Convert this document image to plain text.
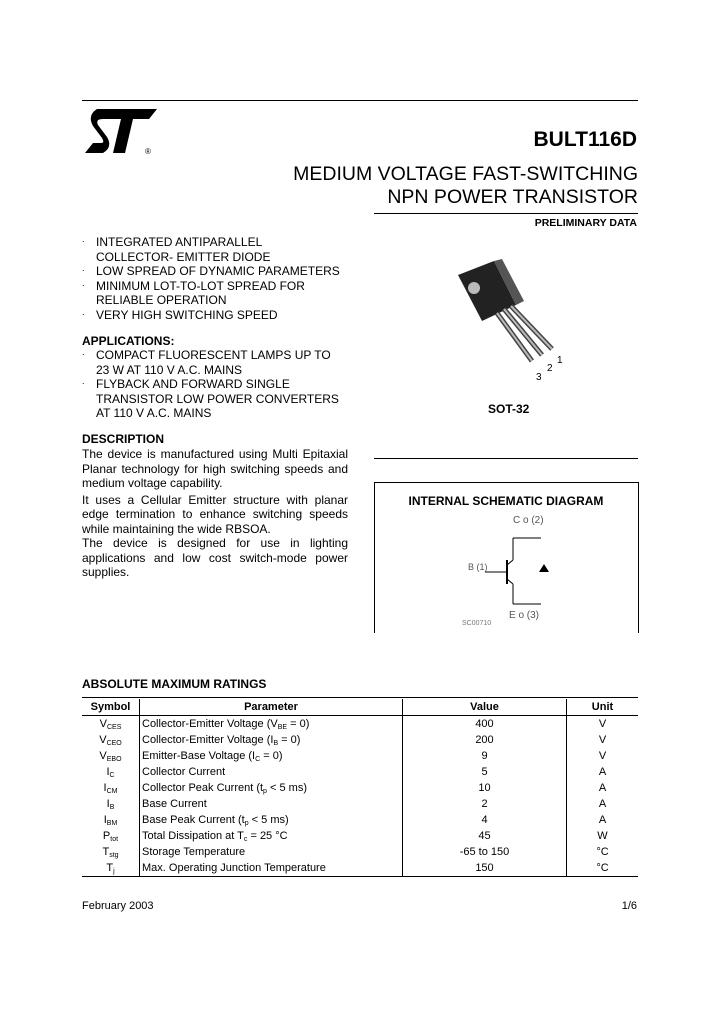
®
BULT116D
MEDIUM VOLTAGE FAST-SWITCHING
NPN POWER TRANSISTOR
PRELIMINARY DATA
. INTEGRATED ANTIPARALLEL
COLLECTOR- EMITTER DIODE
. LOW SPREAD OF DYNAMIC PARAMETERS
. MINIMUM LOT-TO-LOT SPREAD FOR
RELIABLE OPERATION
. VERY HIGH SWITCHING SPEED
APPLICATIONS:
. COMPACT FLUORESCENT LAMPS UP TO
23 W AT 110 V A.C. MAINS
. FLYBACK AND FORWARD SINGLE
TRANSISTOR LOW POWER CONVERTERS
AT 110 V A.C. MAINS
DESCRIPTION

The device is manufactured using Multi Epitaxial Planar technology for high switching speeds and medium voltage capability.

It uses a Cellular Emitter structure with planar edge termination to enhance switching speeds while maintaining the wide RBSOA.

The device is designed for use in lighting applications and low cost switch-mode power supplies.

1
2
3
SOT-32
INTERNAL SCHEMATIC DIAGRAM
C o (2)
B (1)
E o (3)
SC00710
ABSOLUTE MAXIMUM RATINGS
Symbol	Parameter	Value	Unit
VCES	Collector-Emitter Voltage (VBE = 0)	400	V
VCEO	Collector-Emitter Voltage (IB = 0)	200	V
VEBO	Emitter-Base Voltage (IC = 0)	9	V
IC	Collector Current	5	A
ICM	Collector Peak Current (tp < 5 ms)	10	A
IB	Base Current	2	A
IBM	Base Peak Current (tp < 5 ms)	4	A
Ptot	Total Dissipation at Tc = 25 °C	45	W
Tstg	Storage Temperature	-65 to 150	°C
Tj	Max. Operating Junction Temperature	150	°C
February 2003	1/6
